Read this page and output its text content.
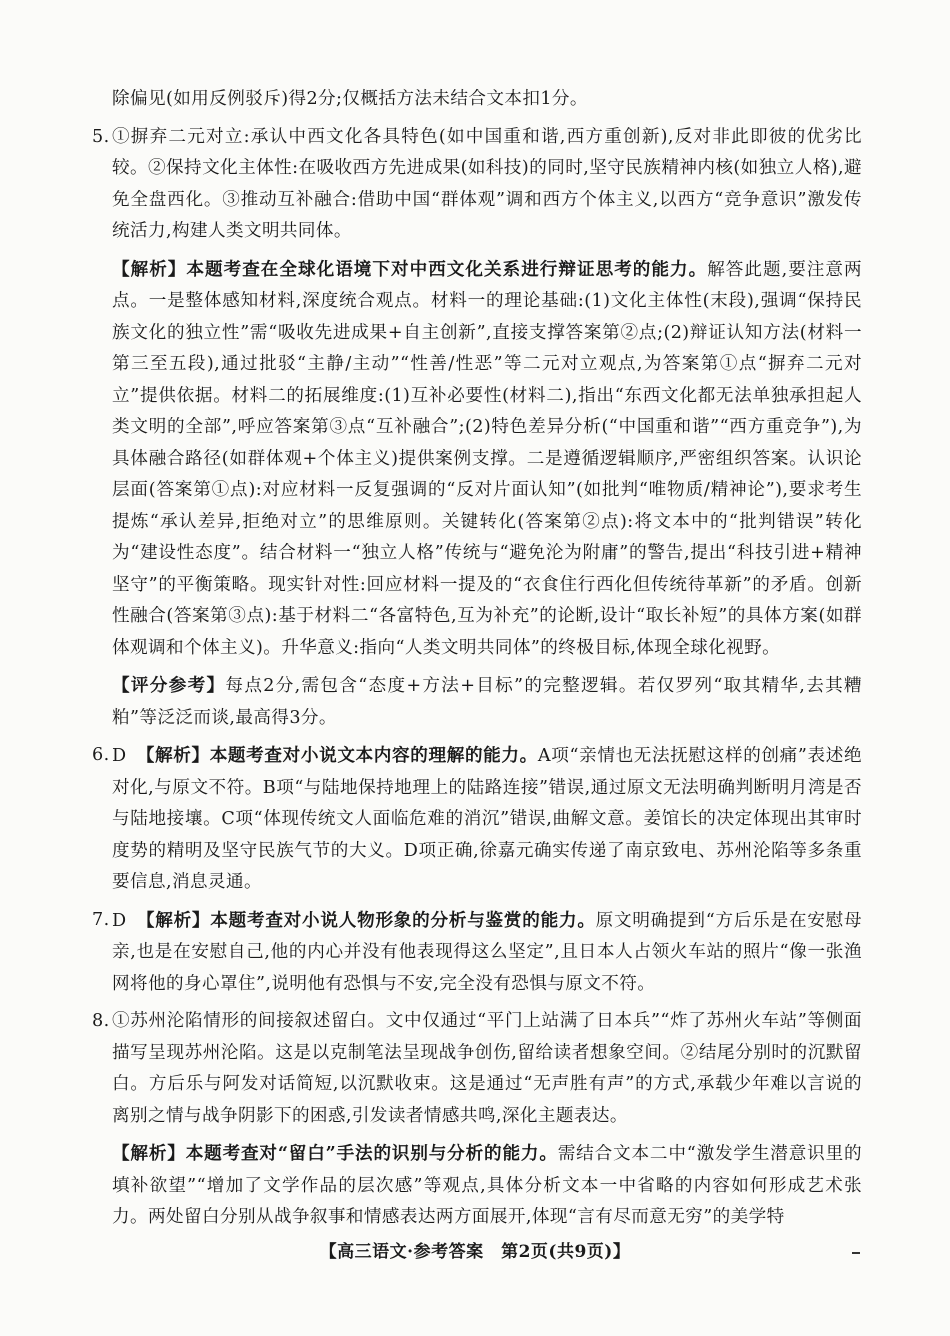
除偏见(如用反例驳斥)得2分;仅概括方法未结合文本扣1分。

5. ①摒弃二元对立:承认中西文化各具特色(如中国重和谐,西方重创新),反对非此即彼的优劣比较。②保持文化主体性:在吸收西方先进成果(如科技)的同时,坚守民族精神内核(如独立人格),避免全盘西化。③推动互补融合:借助中国“群体观”调和西方个体主义,以西方“竞争意识”激发传统活力,构建人类文明共同体。

【解析】本题考查在全球化语境下对中西文化关系进行辩证思考的能力。解答此题,要注意两点。一是整体感知材料,深度统合观点。材料一的理论基础:(1)文化主体性(末段),强调“保持民族文化的独立性”需“吸收先进成果+自主创新”,直接支撑答案第②点;(2)辩证认知方法(材料一第三至五段),通过批驳“主静/主动”“性善/性恶”等二元对立观点,为答案第①点“摒弃二元对立”提供依据。材料二的拓展维度:(1)互补必要性(材料二),指出“东西文化都无法单独承担起人类文明的全部”,呼应答案第③点“互补融合”;(2)特色差异分析(“中国重和谐”“西方重竞争”),为具体融合路径(如群体观+个体主义)提供案例支撑。二是遵循逻辑顺序,严密组织答案。认识论层面(答案第①点):对应材料一反复强调的“反对片面认知”(如批判“唯物质/精神论”),要求考生提炼“承认差异,拒绝对立”的思维原则。关键转化(答案第②点):将文本中的“批判错误”转化为“建设性态度”。结合材料一“独立人格”传统与“避免沦为附庸”的警告,提出“科技引进+精神坚守”的平衡策略。现实针对性:回应材料一提及的“衣食住行西化但传统待革新”的矛盾。创新性融合(答案第③点):基于材料二“各富特色,互为补充”的论断,设计“取长补短”的具体方案(如群体观调和个体主义)。升华意义:指向“人类文明共同体”的终极目标,体现全球化视野。

【评分参考】每点2分,需包含“态度+方法+目标”的完整逻辑。若仅罗列“取其精华,去其糟粕”等泛泛而谈,最高得3分。

6. D 【解析】本题考查对小说文本内容的理解的能力。A项“亲情也无法抚慰这样的创痛”表述绝对化,与原文不符。B项“与陆地保持地理上的陆路连接”错误,通过原文无法明确判断明月湾是否与陆地接壤。C项“体现传统文人面临危难的消沉”错误,曲解文意。姜馆长的决定体现出其审时度势的精明及坚守民族气节的大义。D项正确,徐嘉元确实传递了南京致电、苏州沦陷等多条重要信息,消息灵通。

7. D 【解析】本题考查对小说人物形象的分析与鉴赏的能力。原文明确提到“方后乐是在安慰母亲,也是在安慰自己,他的内心并没有他表现得这么坚定”,且日本人占领火车站的照片“像一张渔网将他的身心罩住”,说明他有恐惧与不安,完全没有恐惧与原文不符。

8. ①苏州沦陷情形的间接叙述留白。文中仅通过“平门上站满了日本兵”“炸了苏州火车站”等侧面描写呈现苏州沦陷。这是以克制笔法呈现战争创伤,留给读者想象空间。②结尾分别时的沉默留白。方后乐与阿发对话简短,以沉默收束。这是通过“无声胜有声”的方式,承载少年难以言说的离别之情与战争阴影下的困惑,引发读者情感共鸣,深化主题表达。

【解析】本题考查对“留白”手法的识别与分析的能力。需结合文本二中“激发学生潜意识里的填补欲望”“增加了文学作品的层次感”等观点,具体分析文本一中省略的内容如何形成艺术张力。两处留白分别从战争叙事和情感表达两方面展开,体现“言有尽而意无穷”的美学特

【高三语文·参考答案　第2页(共9页)】
